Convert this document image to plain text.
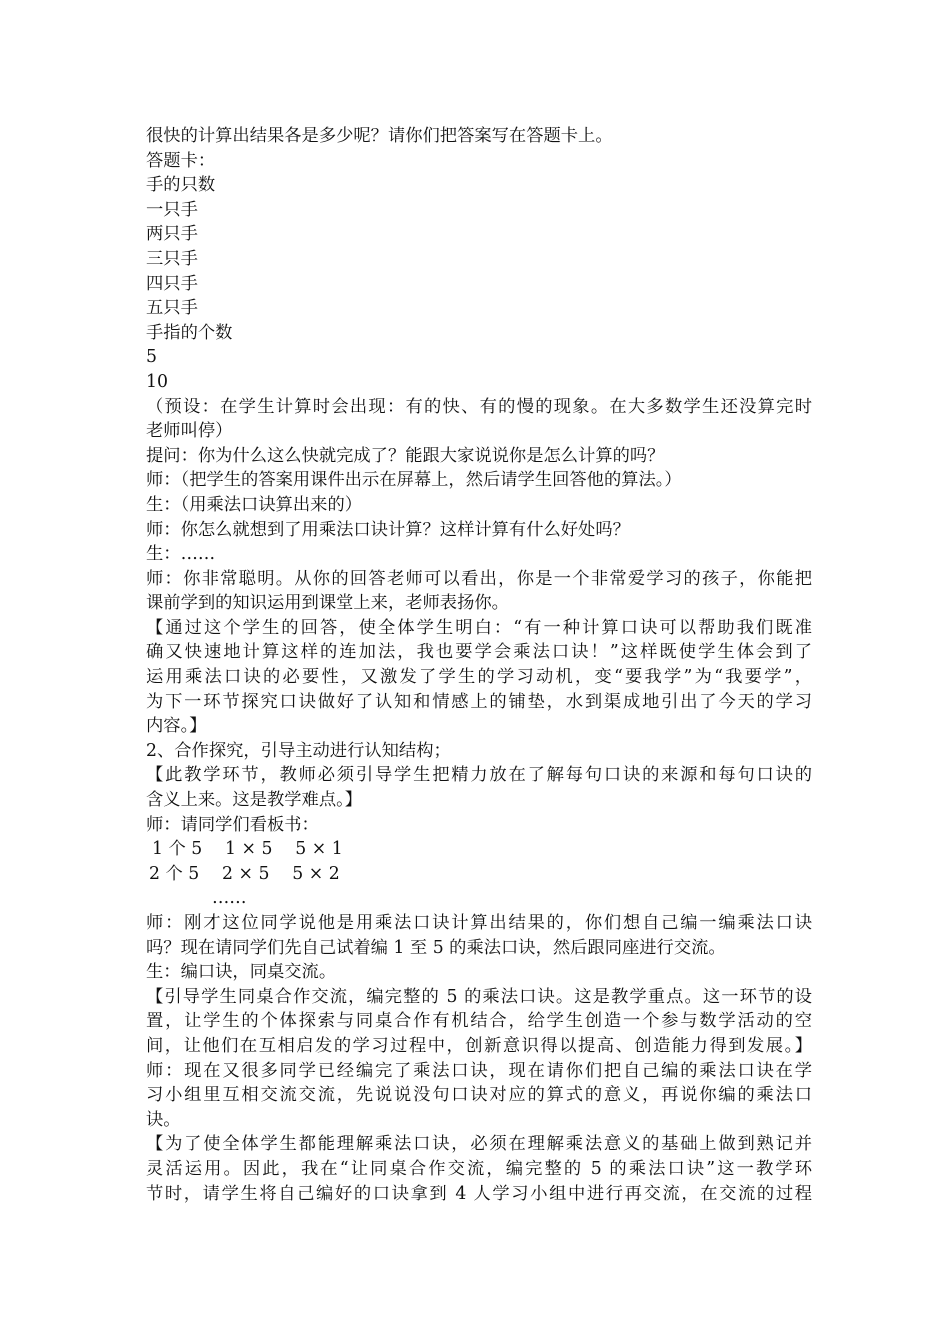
很快的计算出结果各是多少呢？请你们把答案写在答题卡上。
答题卡：
手的只数
一只手
两只手
三只手
四只手
五只手
手指的个数
5
10
（预设：在学生计算时会出现：有的快、有的慢的现象。在大多数学生还没算完时
老师叫停）
提问：你为什么这么快就完成了？能跟大家说说你是怎么计算的吗？
师：（把学生的答案用课件出示在屏幕上，然后请学生回答他的算法。）
生：（用乘法口诀算出来的）
师：你怎么就想到了用乘法口诀计算？这样计算有什么好处吗？
生：……
师：你非常聪明。从你的回答老师可以看出，你是一个非常爱学习的孩子，你能把
课前学到的知识运用到课堂上来，老师表扬你。
【通过这个学生的回答，使全体学生明白：“有一种计算口诀可以帮助我们既准
确又快速地计算这样的连加法，我也要学会乘法口诀！”这样既使学生体会到了
运用乘法口诀的必要性，又激发了学生的学习动机，变“要我学”为“我要学”，
为下一环节探究口诀做好了认知和情感上的铺垫，水到渠成地引出了今天的学习
内容。】
2、合作探究，引导主动进行认知结构；
【此教学环节，教师必须引导学生把精力放在了解每句口诀的来源和每句口诀的
含义上来。这是教学难点。】
师：请同学们看板书：
1 个 5　 1 × 5　 5 × 1
2 个 5　 2 × 5　 5 × 2
……
师：刚才这位同学说他是用乘法口诀计算出结果的，你们想自己编一编乘法口诀
吗？现在请同学们先自己试着编 1 至 5 的乘法口诀，然后跟同座进行交流。
生：编口诀，同桌交流。
【引导学生同桌合作交流，编完整的 5 的乘法口诀。这是教学重点。这一环节的设
置，让学生的个体探索与同桌合作有机结合，给学生创造一个参与数学活动的空
间，让他们在互相启发的学习过程中，创新意识得以提高、创造能力得到发展。】
师：现在又很多同学已经编完了乘法口诀，现在请你们把自己编的乘法口诀在学
习小组里互相交流交流，先说说没句口诀对应的算式的意义，再说你编的乘法口
诀。
【为了使全体学生都能理解乘法口诀，必须在理解乘法意义的基础上做到熟记并
灵活运用。因此，我在“让同桌合作交流，编完整的 5 的乘法口诀”这一教学环
节时，请学生将自己编好的口诀拿到 4 人学习小组中进行再交流，在交流的过程
